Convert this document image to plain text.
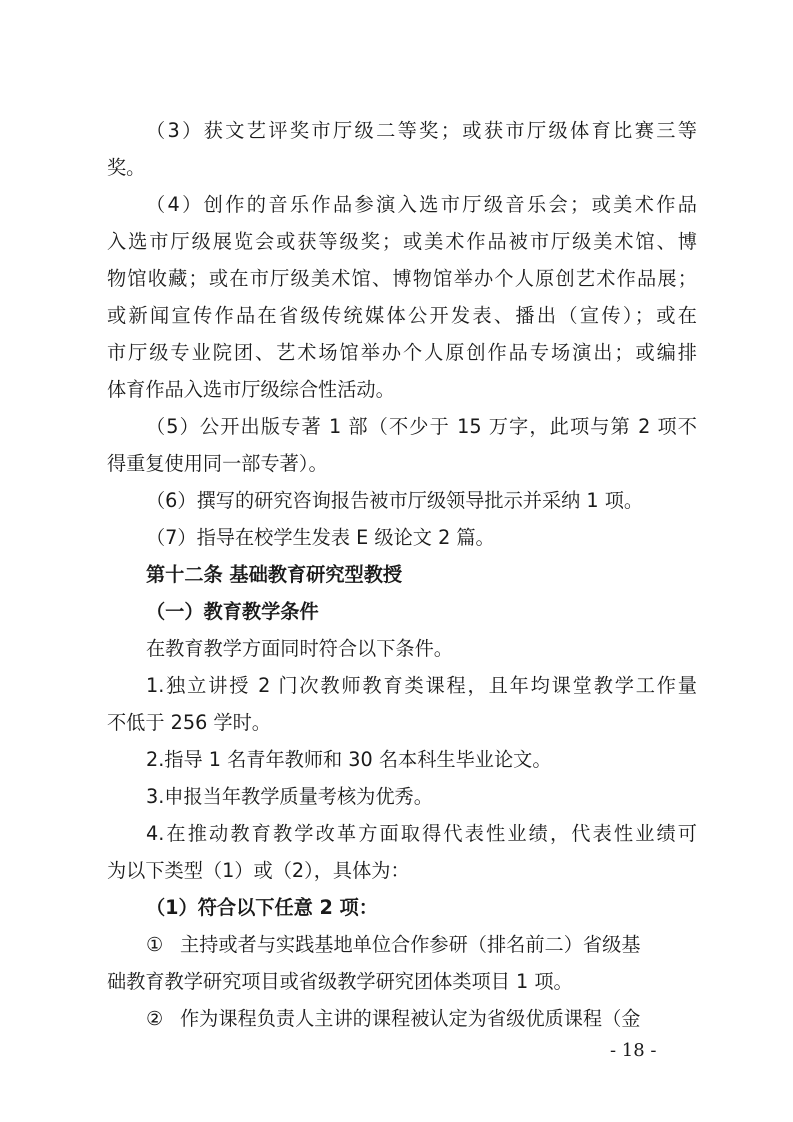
（3）获文艺评奖市厅级二等奖；或获市厅级体育比赛三等
奖。
（4）创作的音乐作品参演入选市厅级音乐会；或美术作品
入选市厅级展览会或获等级奖；或美术作品被市厅级美术馆、博
物馆收藏；或在市厅级美术馆、博物馆举办个人原创艺术作品展；
或新闻宣传作品在省级传统媒体公开发表、播出（宣传）；或在
市厅级专业院团、艺术场馆举办个人原创作品专场演出；或编排
体育作品入选市厅级综合性活动。
（5）公开出版专著 1 部（不少于 15 万字，此项与第 2 项不
得重复使用同一部专著）。
（6）撰写的研究咨询报告被市厅级领导批示并采纳 1 项。
（7）指导在校学生发表 E 级论文 2 篇。
第十二条 基础教育研究型教授
（一）教育教学条件
在教育教学方面同时符合以下条件。
1.独立讲授 2 门次教师教育类课程，且年均课堂教学工作量
不低于 256 学时。
2.指导 1 名青年教师和 30 名本科生毕业论文。
3.申报当年教学质量考核为优秀。
4.在推动教育教学改革方面取得代表性业绩，代表性业绩可
为以下类型（1）或（2），具体为：
（1）符合以下任意 2 项：
① 主持或者与实践基地单位合作参研（排名前二）省级基
础教育教学研究项目或省级教学研究团体类项目 1 项。
② 作为课程负责人主讲的课程被认定为省级优质课程（金
- 18 -
